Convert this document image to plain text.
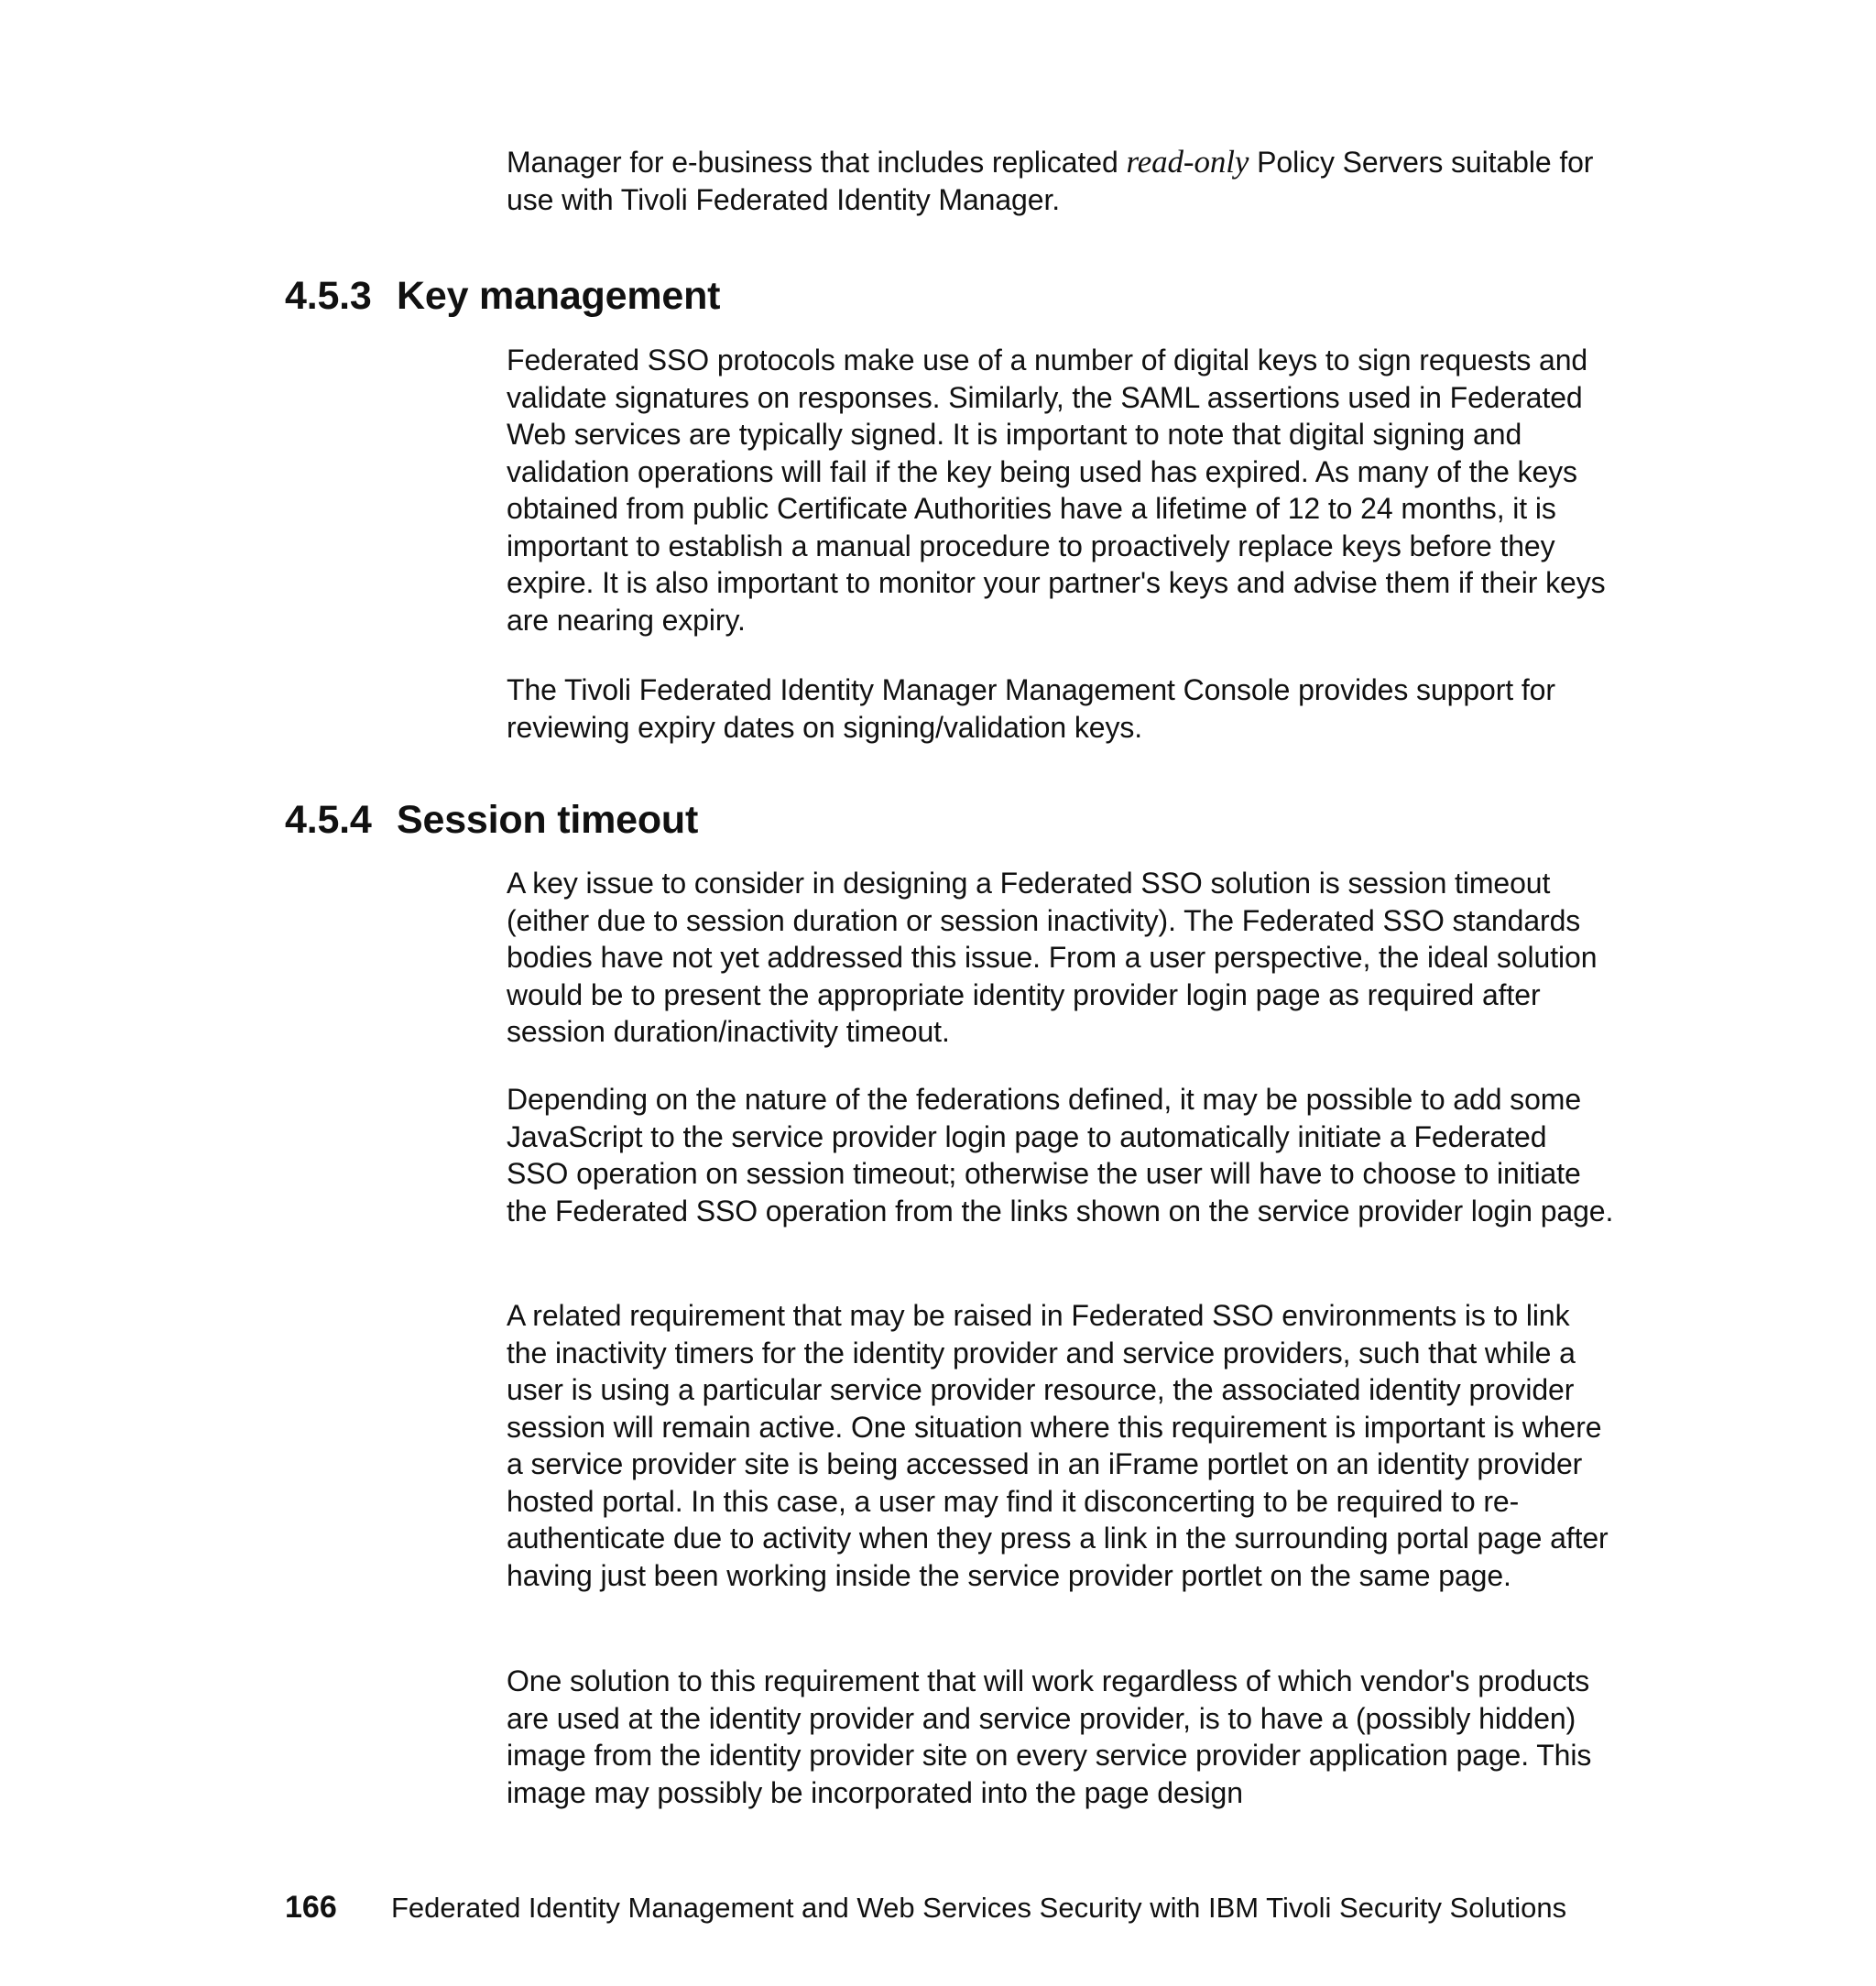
Manager for e-business that includes replicated read-only Policy Servers suitable for use with Tivoli Federated Identity Manager.

4.5.3 Key management

Federated SSO protocols make use of a number of digital keys to sign requests and validate signatures on responses. Similarly, the SAML assertions used in Federated Web services are typically signed. It is important to note that digital signing and validation operations will fail if the key being used has expired. As many of the keys obtained from public Certificate Authorities have a lifetime of 12 to 24 months, it is important to establish a manual procedure to proactively replace keys before they expire. It is also important to monitor your partner's keys and advise them if their keys are nearing expiry.

The Tivoli Federated Identity Manager Management Console provides support for reviewing expiry dates on signing/validation keys.

4.5.4 Session timeout

A key issue to consider in designing a Federated SSO solution is session timeout (either due to session duration or session inactivity). The Federated SSO standards bodies have not yet addressed this issue. From a user perspective, the ideal solution would be to present the appropriate identity provider login page as required after session duration/inactivity timeout.

Depending on the nature of the federations defined, it may be possible to add some JavaScript to the service provider login page to automatically initiate a Federated SSO operation on session timeout; otherwise the user will have to choose to initiate the Federated SSO operation from the links shown on the service provider login page.

A related requirement that may be raised in Federated SSO environments is to link the inactivity timers for the identity provider and service providers, such that while a user is using a particular service provider resource, the associated identity provider session will remain active. One situation where this requirement is important is where a service provider site is being accessed in an iFrame portlet on an identity provider hosted portal. In this case, a user may find it disconcerting to be required to re-authenticate due to activity when they press a link in the surrounding portal page after having just been working inside the service provider portlet on the same page.

One solution to this requirement that will work regardless of which vendor's products are used at the identity provider and service provider, is to have a (possibly hidden) image from the identity provider site on every service provider application page. This image may possibly be incorporated into the page design

166 Federated Identity Management and Web Services Security with IBM Tivoli Security Solutions
